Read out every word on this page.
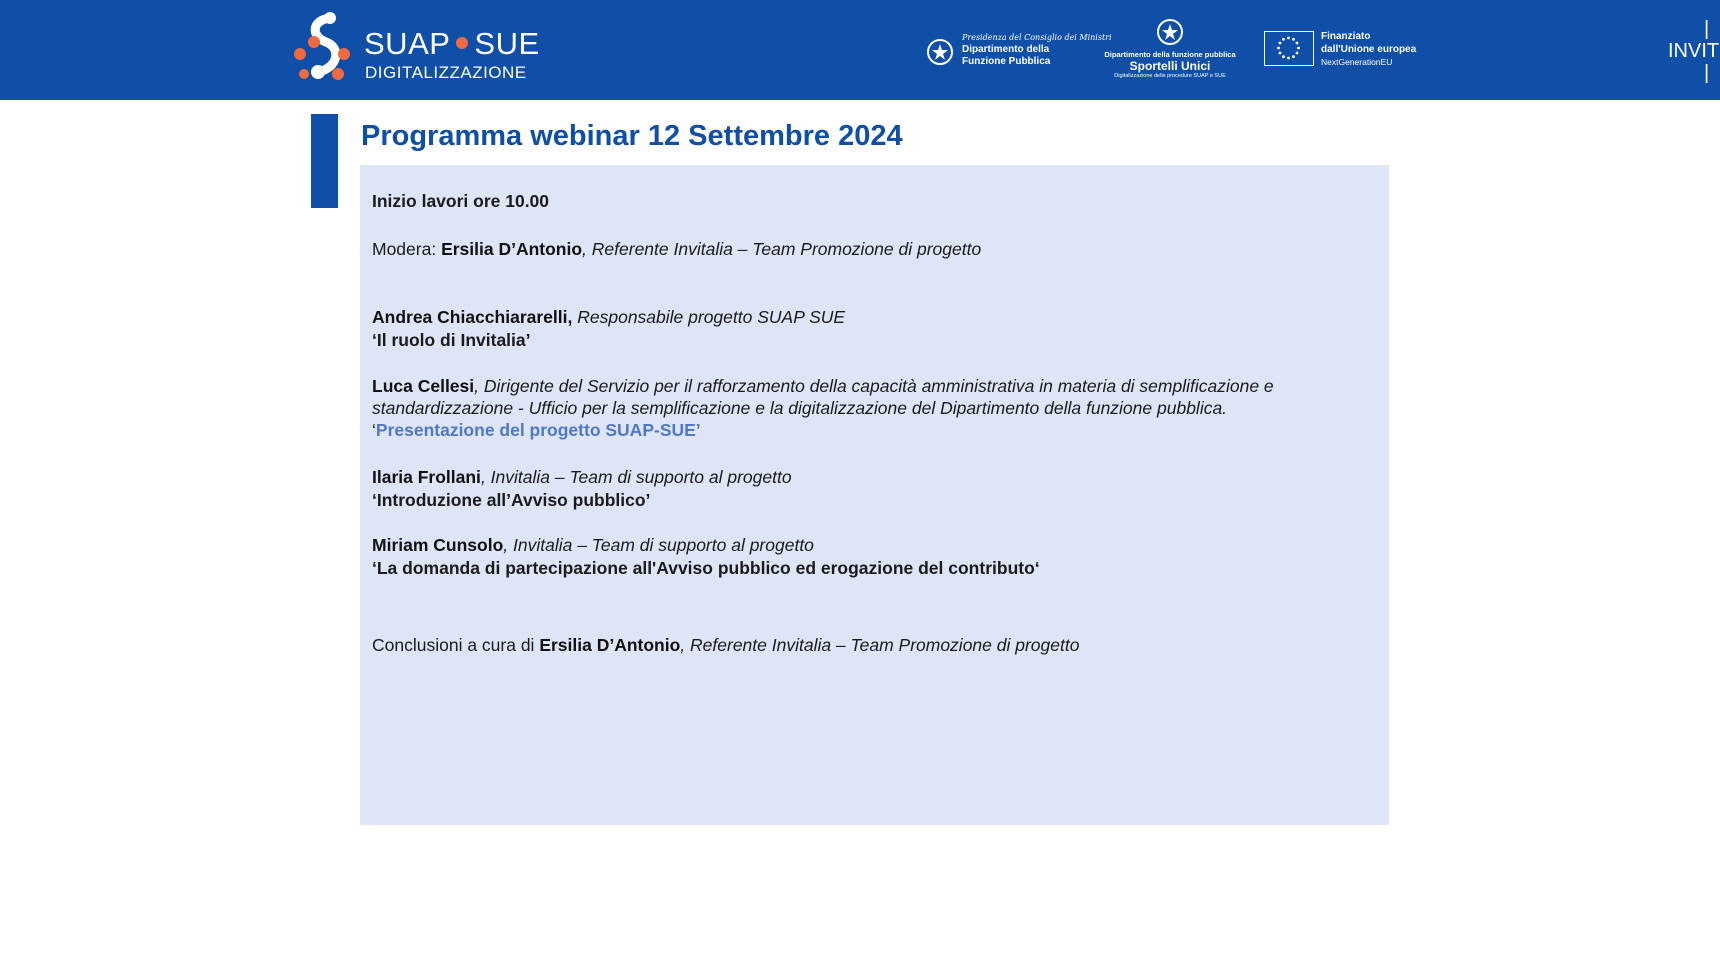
SUAP SUE
DIGITALIZZAZIONE
Presidenza del Consiglio dei Ministri
Dipartimento della
Funzione Pubblica
Dipartimento della funzione pubblica
Sportelli Unici
Digitalizzazione delle procedure SUAP e SUE
Finanziato
dall'Unione europea
NextGenerationEU
|
INVIT
|
Programma webinar 12 Settembre 2024
Inizio lavori ore 10.00
Modera: Ersilia D’Antonio, Referente Invitalia – Team Promozione di progetto
Andrea Chiacchiararelli, Responsabile progetto SUAP SUE
‘Il ruolo di Invitalia’
Luca Cellesi, Dirigente del Servizio per il rafforzamento della capacità amministrativa in materia di semplificazione e
standardizzazione - Ufficio per la semplificazione e la digitalizzazione del Dipartimento della funzione pubblica.
‘Presentazione del progetto SUAP-SUE’
Ilaria Frollani, Invitalia – Team di supporto al progetto
‘Introduzione all’Avviso pubblico’
Miriam Cunsolo, Invitalia – Team di supporto al progetto
‘La domanda di partecipazione all'Avviso pubblico ed erogazione del contributo‘
Conclusioni a cura di Ersilia D’Antonio, Referente Invitalia – Team Promozione di progetto
